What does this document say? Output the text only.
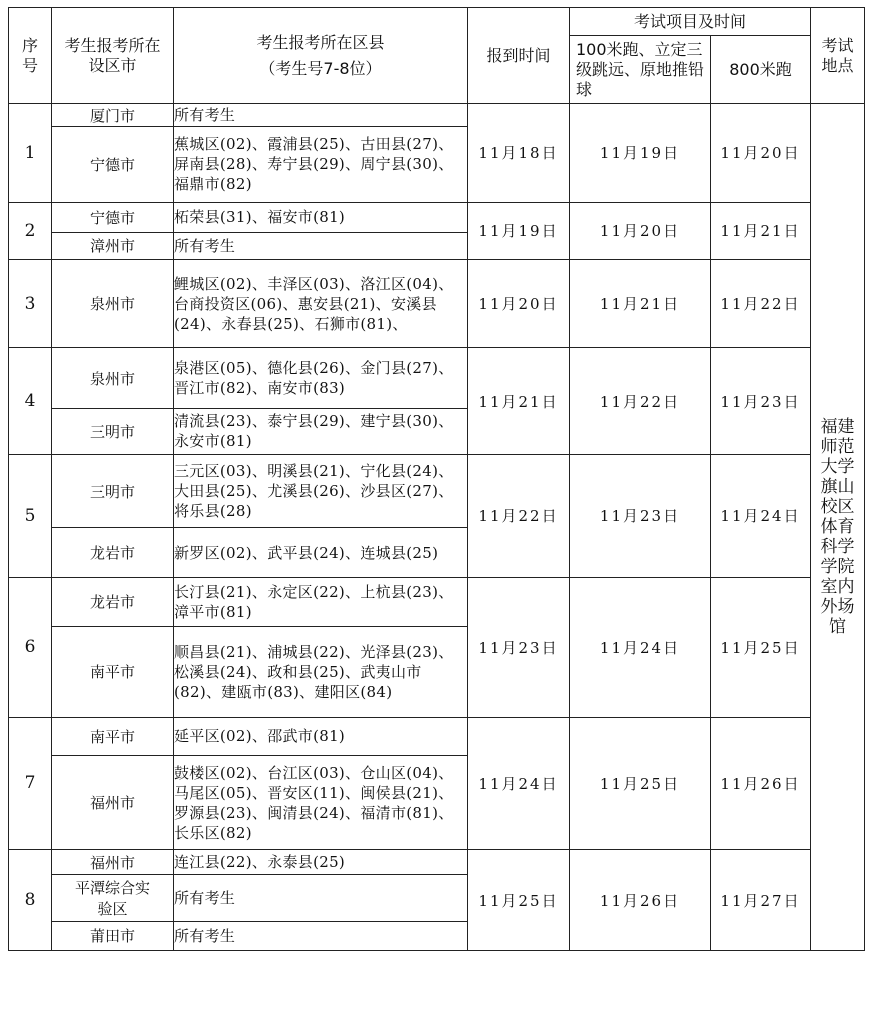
序号	考生报考所在设区市	考生报考所在区县
（考生号7-8位）	报到时间	考试项目及时间		考试地点
				100米跑、立定三级跳远、原地推铅球	800米跑	
1	厦门市	所有考生	11月18日	11月19日	11月20日	福建师范大学旗山校区体育科学学院室内外场馆
	宁德市	蕉城区(02)、霞浦县(25)、古田县(27)、屏南县(28)、寿宁县(29)、周宁县(30)、福鼎市(82)				
2	宁德市	柘荣县(31)、福安市(81)	11月19日	11月20日	11月21日	
	漳州市	所有考生				
3	泉州市	鲤城区(02)、丰泽区(03)、洛江区(04)、台商投资区(06)、惠安县(21)、安溪县(24)、永春县(25)、石狮市(81)、	11月20日	11月21日	11月22日	
4	泉州市	泉港区(05)、德化县(26)、金门县(27)、晋江市(82)、南安市(83)	11月21日	11月22日	11月23日	
	三明市	清流县(23)、泰宁县(29)、建宁县(30)、永安市(81)				
5	三明市	三元区(03)、明溪县(21)、宁化县(24)、大田县(25)、尤溪县(26)、沙县区(27)、将乐县(28)	11月22日	11月23日	11月24日	
	龙岩市	新罗区(02)、武平县(24)、连城县(25)				
6	龙岩市	长汀县(21)、永定区(22)、上杭县(23)、漳平市(81)	11月23日	11月24日	11月25日	
	南平市	顺昌县(21)、浦城县(22)、光泽县(23)、松溪县(24)、政和县(25)、武夷山市(82)、建瓯市(83)、建阳区(84)				
7	南平市	延平区(02)、邵武市(81)	11月24日	11月25日	11月26日	
	福州市	鼓楼区(02)、台江区(03)、仓山区(04)、马尾区(05)、晋安区(11)、闽侯县(21)、罗源县(23)、闽清县(24)、福清市(81)、长乐区(82)				
8	福州市	连江县(22)、永泰县(25)	11月25日	11月26日	11月27日	
	平潭综合实验区	所有考生				
	莆田市	所有考生				
